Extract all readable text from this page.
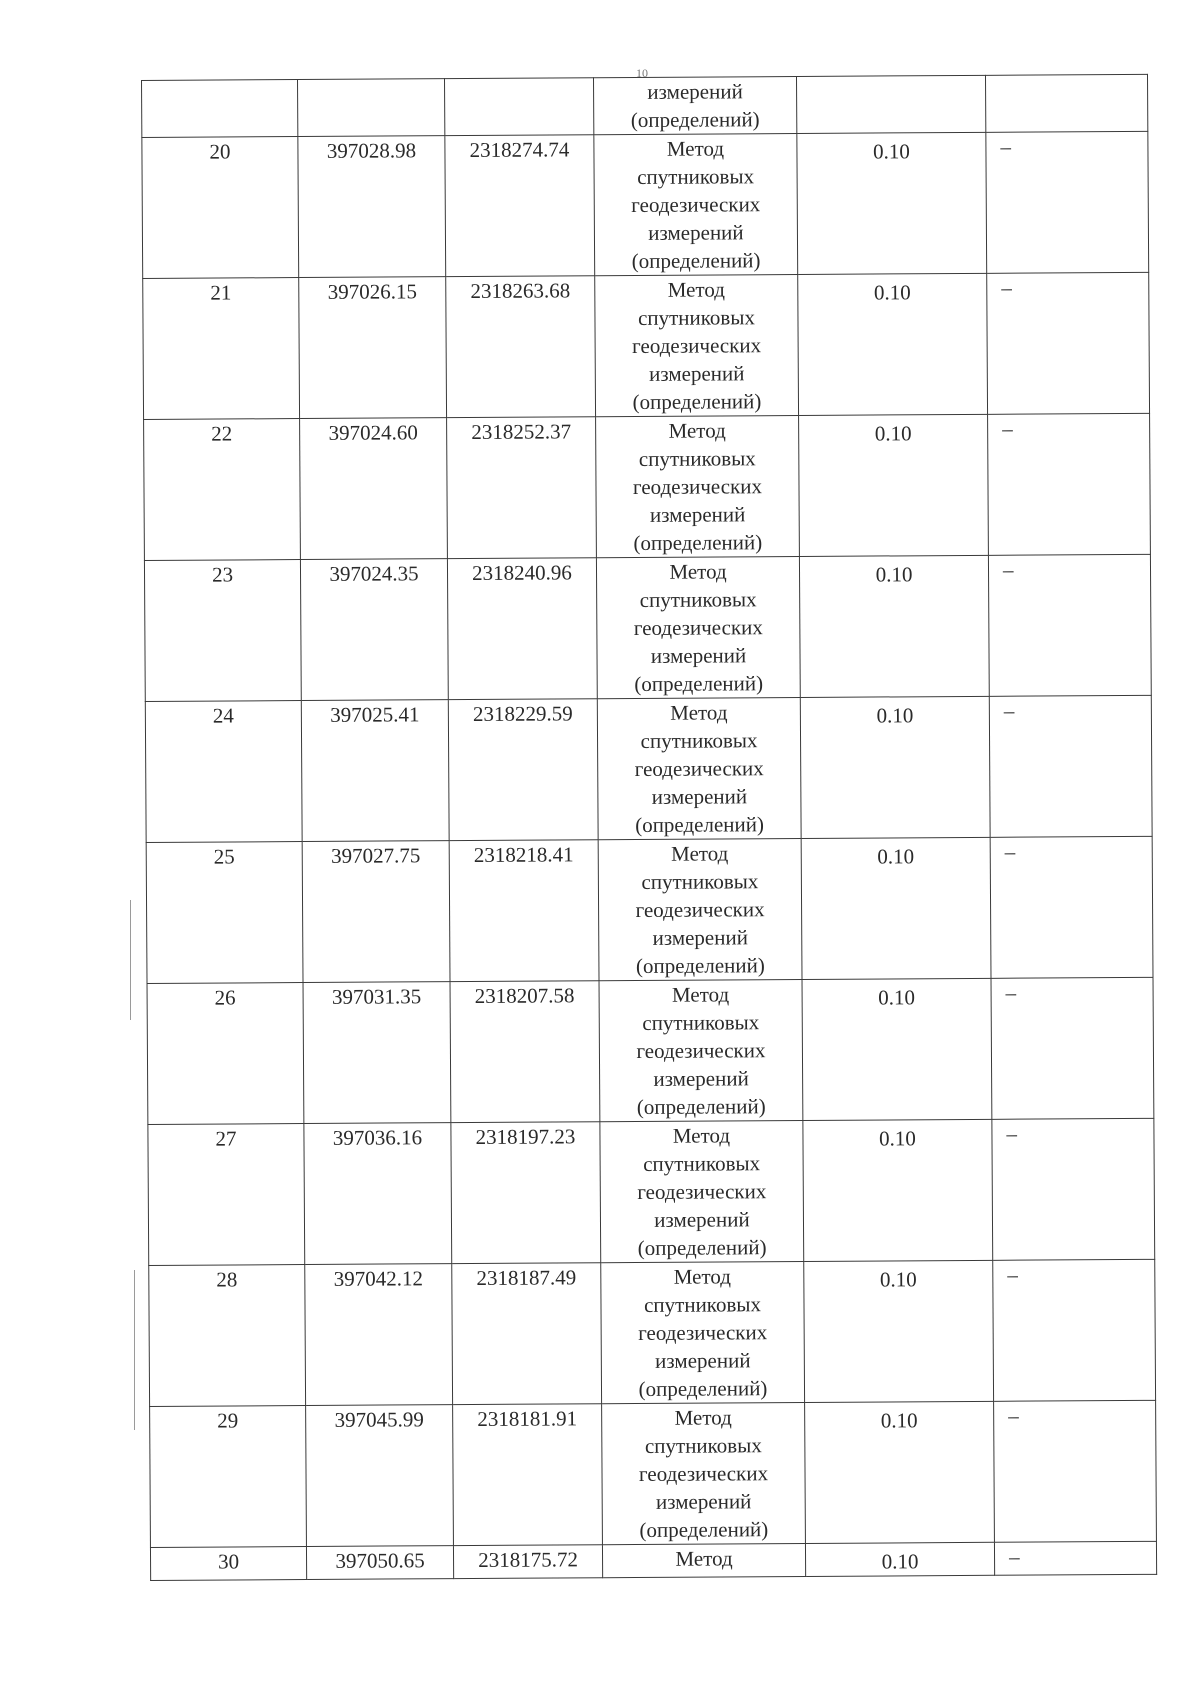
10

			измерений
(определений)		

20	397028.98	2318274.74	Метод
спутниковых
геодезических
измерений
(определений)	0.10	–
21	397026.15	2318263.68	Метод
спутниковых
геодезических
измерений
(определений)	0.10	–
22	397024.60	2318252.37	Метод
спутниковых
геодезических
измерений
(определений)	0.10	–
23	397024.35	2318240.96	Метод
спутниковых
геодезических
измерений
(определений)	0.10	–
24	397025.41	2318229.59	Метод
спутниковых
геодезических
измерений
(определений)	0.10	–
25	397027.75	2318218.41	Метод
спутниковых
геодезических
измерений
(определений)	0.10	–
26	397031.35	2318207.58	Метод
спутниковых
геодезических
измерений
(определений)	0.10	–
27	397036.16	2318197.23	Метод
спутниковых
геодезических
измерений
(определений)	0.10	–
28	397042.12	2318187.49	Метод
спутниковых
геодезических
измерений
(определений)	0.10	–
29	397045.99	2318181.91	Метод
спутниковых
геодезических
измерений
(определений)	0.10	–
30	397050.65	2318175.72	Метод	0.10	–
